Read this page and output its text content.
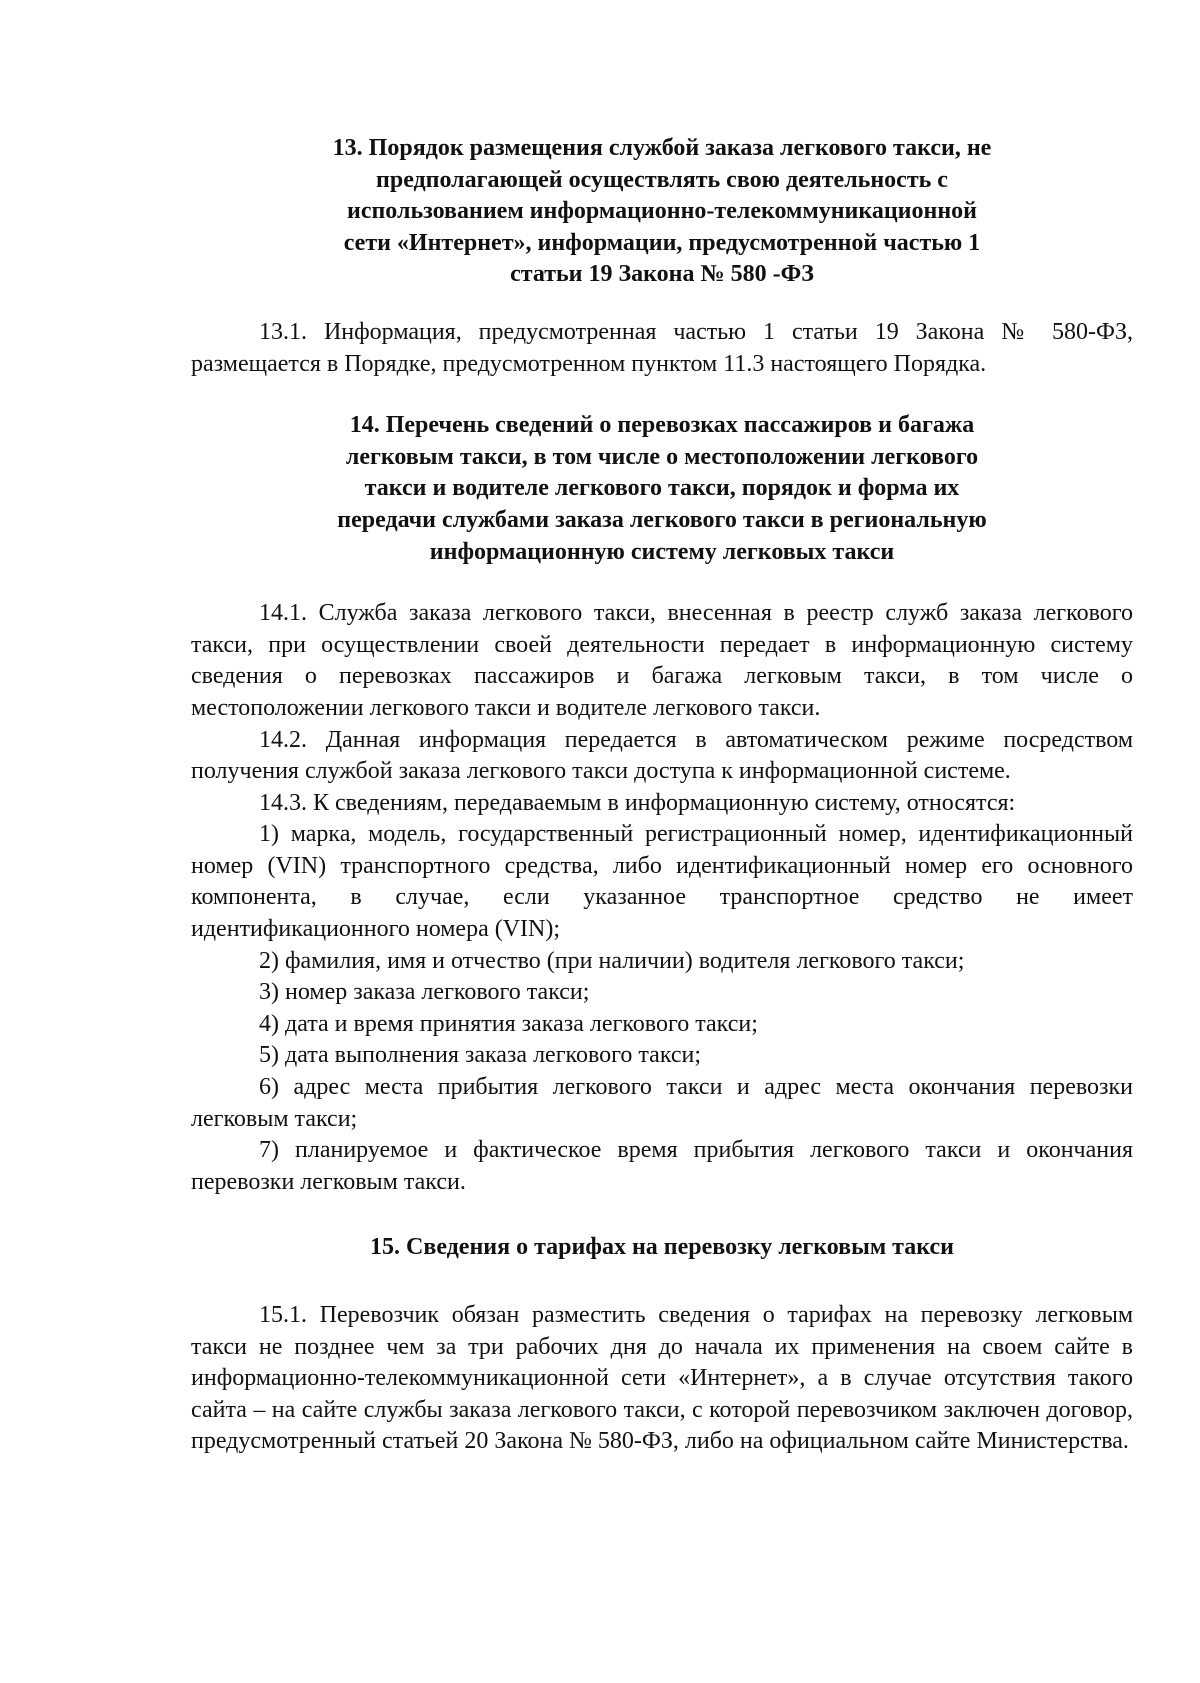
13. Порядок размещения службой заказа легкового такси, не
предполагающей осуществлять свою деятельность с
использованием информационно-телекоммуникационной
сети «Интернет», информации, предусмотренной частью 1
статьи 19 Закона № 580 -ФЗ

13.1. Информация, предусмотренная частью 1 статьи 19 Закона № 580-ФЗ, размещается в Порядке, предусмотренном пунктом 11.3 настоящего Порядка.

14. Перечень сведений о перевозках пассажиров и багажа
легковым такси, в том числе о местоположении легкового
такси и водителе легкового такси, порядок и форма их
передачи службами заказа легкового такси в региональную
информационную систему легковых такси

14.1. Служба заказа легкового такси, внесенная в реестр служб заказа легкового такси, при осуществлении своей деятельности передает в информационную систему сведения о перевозках пассажиров и багажа легковым такси, в том числе о местоположении легкового такси и водителе легкового такси.

14.2. Данная информация передается в автоматическом режиме посредством получения службой заказа легкового такси доступа к информационной системе.

14.3. К сведениям, передаваемым в информационную систему, относятся:

1) марка, модель, государственный регистрационный номер, идентификационный номер (VIN) транспортного средства, либо идентификационный номер его основного компонента, в случае, если указанное транспортное средство не имеет идентификационного номера (VIN);

2) фамилия, имя и отчество (при наличии) водителя легкового такси;

3) номер заказа легкового такси;

4) дата и время принятия заказа легкового такси;

5) дата выполнения заказа легкового такси;

6) адрес места прибытия легкового такси и адрес места окончания перевозки легковым такси;

7) планируемое и фактическое время прибытия легкового такси и окончания перевозки легковым такси.

15. Сведения о тарифах на перевозку легковым такси

15.1. Перевозчик обязан разместить сведения о тарифах на перевозку легковым такси не позднее чем за три рабочих дня до начала их применения на своем сайте в информационно-телекоммуникационной сети «Интернет», а в случае отсутствия такого сайта – на сайте службы заказа легкового такси, с которой перевозчиком заключен договор, предусмотренный статьей 20 Закона № 580-ФЗ, либо на официальном сайте Министерства.
